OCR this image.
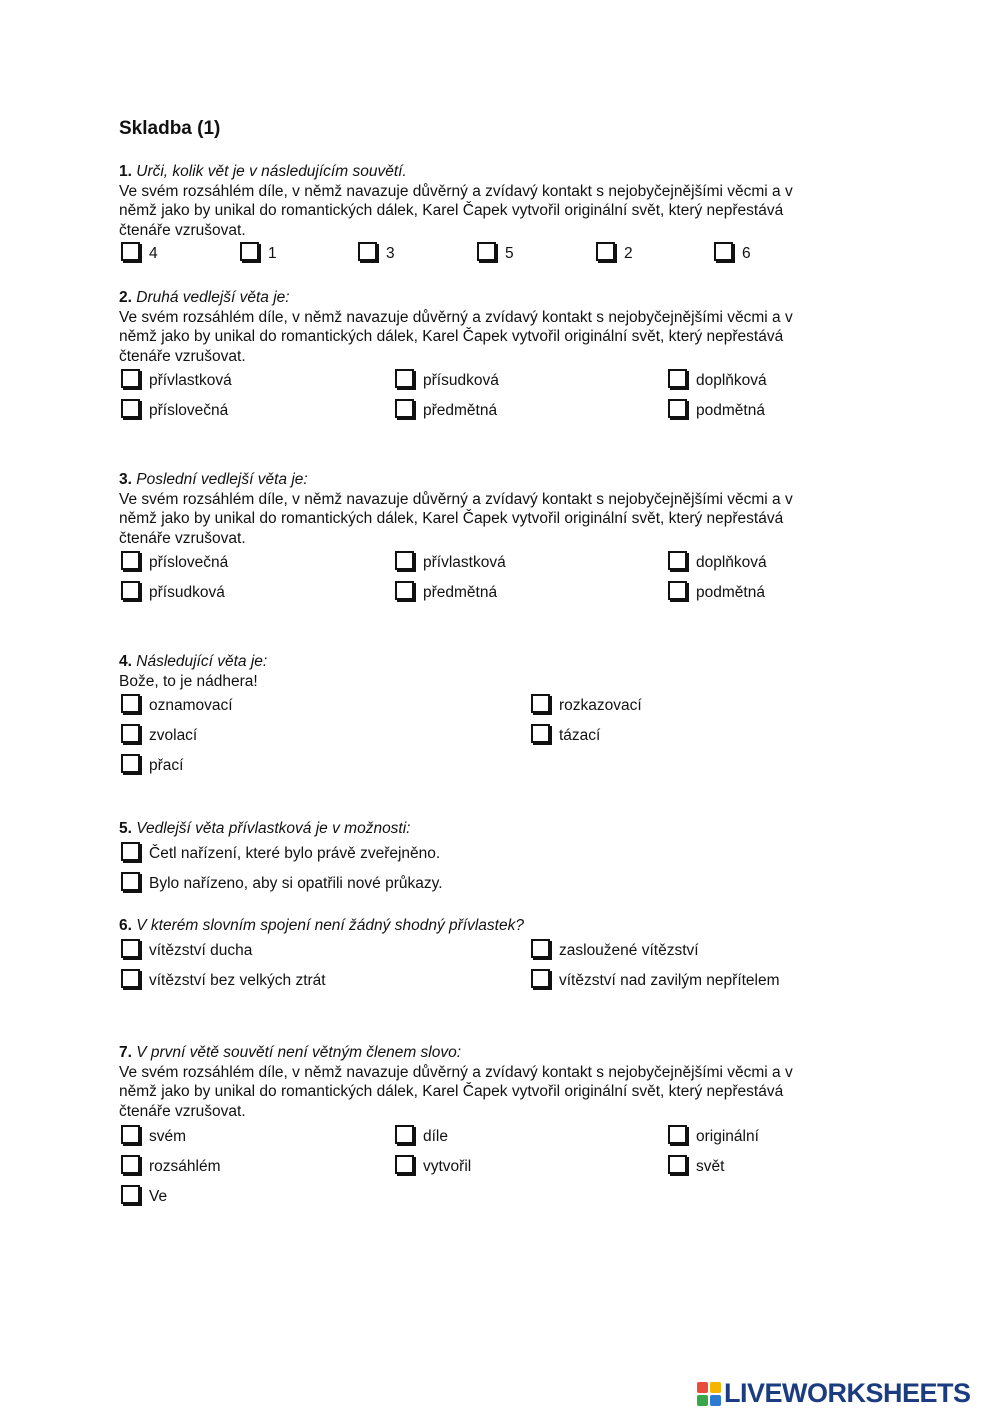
Skladba (1)
1. Urči, kolik vět je v následujícím souvětí.
Ve svém rozsáhlém díle, v němž navazuje důvěrný a zvídavý kontakt s nejobyčejnějšími věcmi a v
němž jako by unikal do romantických dálek, Karel Čapek vytvořil originální svět, který nepřestává
čtenáře vzrušovat.
4	1	3	5	2	6
2. Druhá vedlejší věta je:
Ve svém rozsáhlém díle, v němž navazuje důvěrný a zvídavý kontakt s nejobyčejnějšími věcmi a v
němž jako by unikal do romantických dálek, Karel Čapek vytvořil originální svět, který nepřestává
čtenáře vzrušovat.
přívlastková	přísudková	doplňková
příslovečná	předmětná	podmětná
3. Poslední vedlejší věta je:
Ve svém rozsáhlém díle, v němž navazuje důvěrný a zvídavý kontakt s nejobyčejnějšími věcmi a v
němž jako by unikal do romantických dálek, Karel Čapek vytvořil originální svět, který nepřestává
čtenáře vzrušovat.
příslovečná	přívlastková	doplňková
přísudková	předmětná	podmětná
4. Následující věta je:
Bože, to je nádhera!
oznamovací	rozkazovací
zvolací	tázací
přací
5. Vedlejší věta přívlastková je v možnosti:
Četl nařízení, které bylo právě zveřejněno.
Bylo nařízeno, aby si opatřili nové průkazy.
6. V kterém slovním spojení není žádný shodný přívlastek?
vítězství ducha	zasloužené vítězství
vítězství bez velkých ztrát	vítězství nad zavilým nepřítelem
7. V první větě souvětí není větným členem slovo:
Ve svém rozsáhlém díle, v němž navazuje důvěrný a zvídavý kontakt s nejobyčejnějšími věcmi a v
němž jako by unikal do romantických dálek, Karel Čapek vytvořil originální svět, který nepřestává
čtenáře vzrušovat.
svém	díle	originální
rozsáhlém	vytvořil	svět
Ve
LIVEWORKSHEETS
